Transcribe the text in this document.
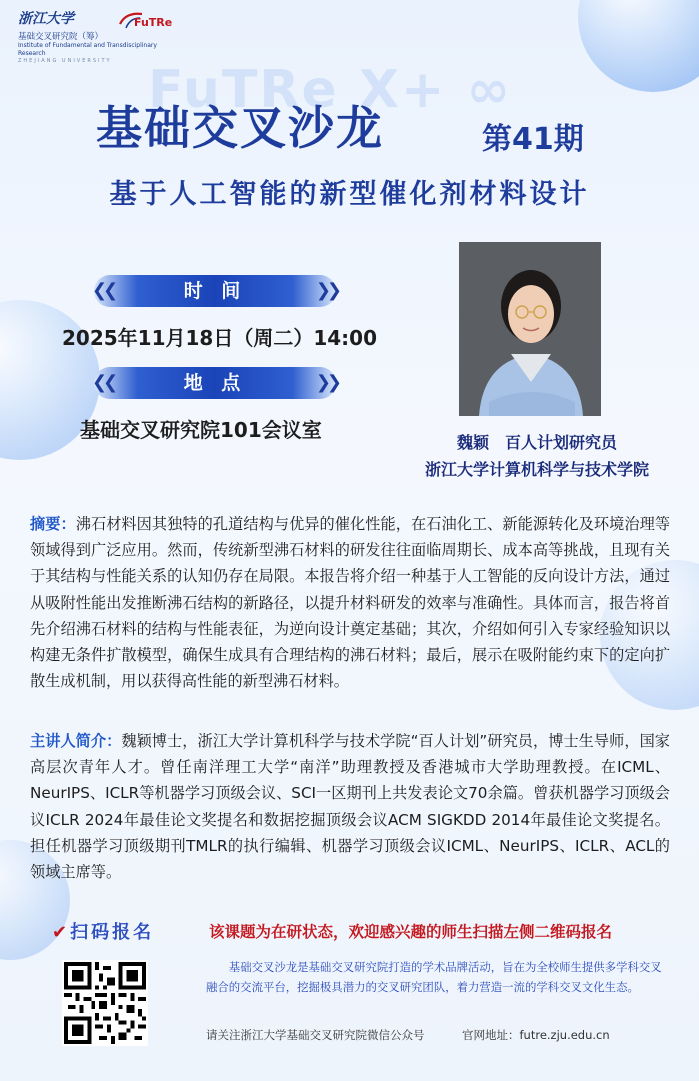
浙江大学
基础交叉研究院（筹）
Institute of Fundamental and Transdisciplinary Research
ZHEJIANG UNIVERSITY
FuTRe
FuTRe X+ ∞
基础交叉沙龙	第41期
基于人工智能的新型催化剂材料设计
❮❮	时 间	❯❯
2025年11月18日（周二）14:00
❮❮	地 点	❯❯
基础交叉研究院101会议室
魏颖　百人计划研究员
浙江大学计算机科学与技术学院
摘要：沸石材料因其独特的孔道结构与优异的催化性能，在石油化工、新能源转化及环境治理等领域得到广泛应用。然而，传统新型沸石材料的研发往往面临周期长、成本高等挑战，且现有关于其结构与性能关系的认知仍存在局限。本报告将介绍一种基于人工智能的反向设计方法，通过从吸附性能出发推断沸石结构的新路径，以提升材料研发的效率与准确性。具体而言，报告将首先介绍沸石材料的结构与性能表征，为逆向设计奠定基础；其次，介绍如何引入专家经验知识以构建无条件扩散模型，确保生成具有合理结构的沸石材料；最后，展示在吸附能约束下的定向扩散生成机制，用以获得高性能的新型沸石材料。
主讲人简介：魏颖博士，浙江大学计算机科学与技术学院“百人计划”研究员，博士生导师，国家高层次青年人才。曾任南洋理工大学“南洋”助理教授及香港城市大学助理教授。在ICML、NeurIPS、ICLR等机器学习顶级会议、SCI一区期刊上共发表论文70余篇。曾获机器学习顶级会议ICLR 2024年最佳论文奖提名和数据挖掘顶级会议ACM SIGKDD 2014年最佳论文奖提名。担任机器学习顶级期刊TMLR的执行编辑、机器学习顶级会议ICML、NeurIPS、ICLR、ACL的领域主席等。
✔扫码报名	该课题为在研状态，欢迎感兴趣的师生扫描左侧二维码报名
基础交叉沙龙是基础交叉研究院打造的学术品牌活动，旨在为全校师生提供多学科交叉融合的交流平台，挖掘极具潜力的交叉研究团队，着力营造一流的学科交叉文化生态。
请关注浙江大学基础交叉研究院微信公众号	官网地址：futre.zju.edu.cn
